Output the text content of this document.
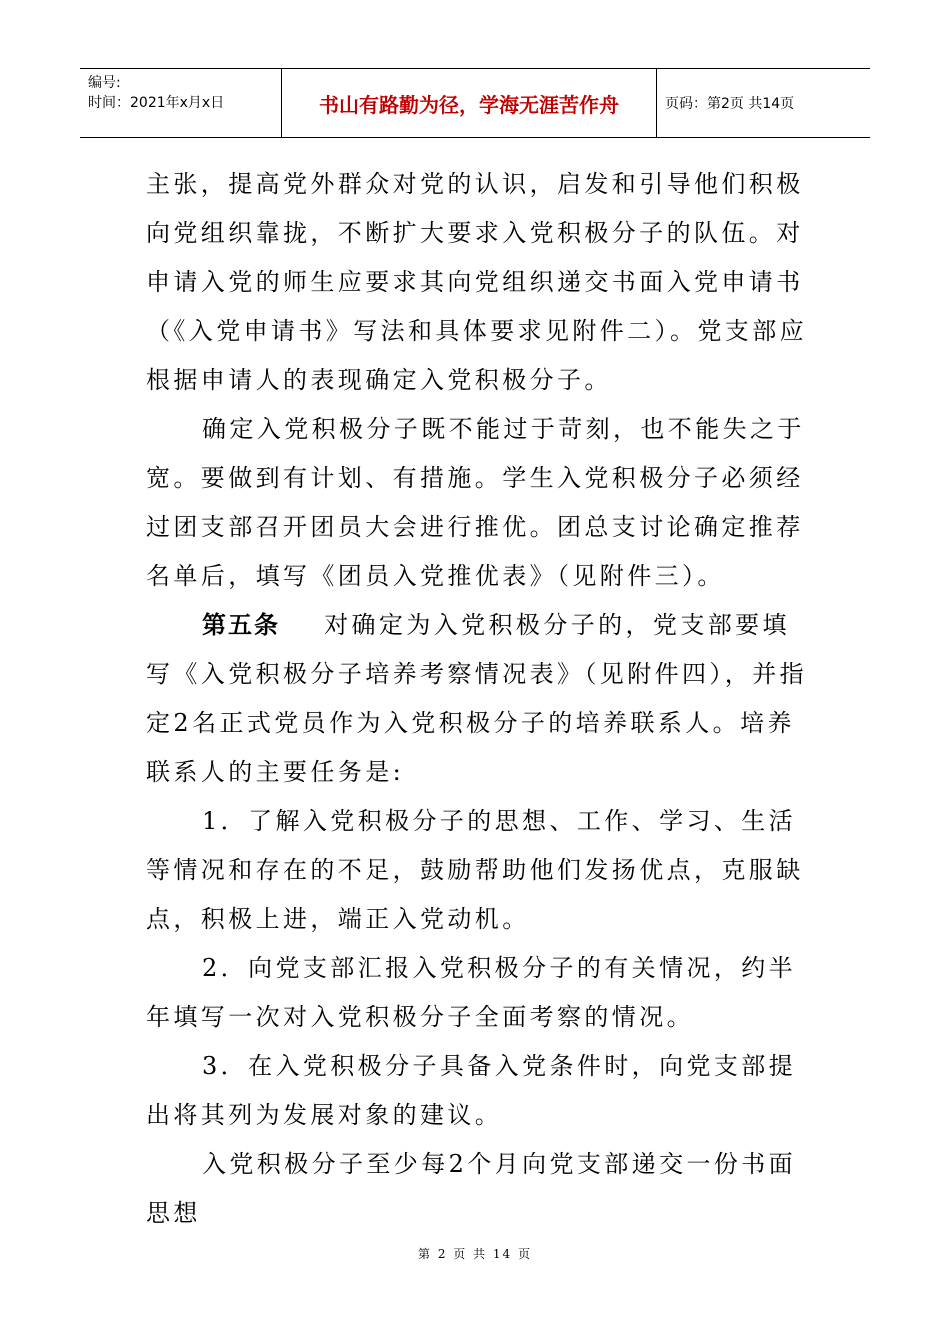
编号:
时间：2021年x月x日	书山有路勤为径，学海无涯苦作舟	页码：第2页 共14页

主张，提高党外群众对党的认识，启发和引导他们积极向党组织靠拢，不断扩大要求入党积极分子的队伍。对申请入党的师生应要求其向党组织递交书面入党申请书（《入党申请书》写法和具体要求见附件二）。党支部应根据申请人的表现确定入党积极分子。

确定入党积极分子既不能过于苛刻，也不能失之于宽。要做到有计划、有措施。学生入党积极分子必须经过团支部召开团员大会进行推优。团总支讨论确定推荐名单后，填写《团员入党推优表》（见附件三）。

第五条 对确定为入党积极分子的，党支部要填写《入党积极分子培养考察情况表》（见附件四），并指定2名正式党员作为入党积极分子的培养联系人。培养联系人的主要任务是:

1．了解入党积极分子的思想、工作、学习、生活等情况和存在的不足，鼓励帮助他们发扬优点，克服缺点，积极上进，端正入党动机。

2．向党支部汇报入党积极分子的有关情况，约半年填写一次对入党积极分子全面考察的情况。

3．在入党积极分子具备入党条件时，向党支部提出将其列为发展对象的建议。

入党积极分子至少每2个月向党支部递交一份书面思想

第 2 页 共 14 页
